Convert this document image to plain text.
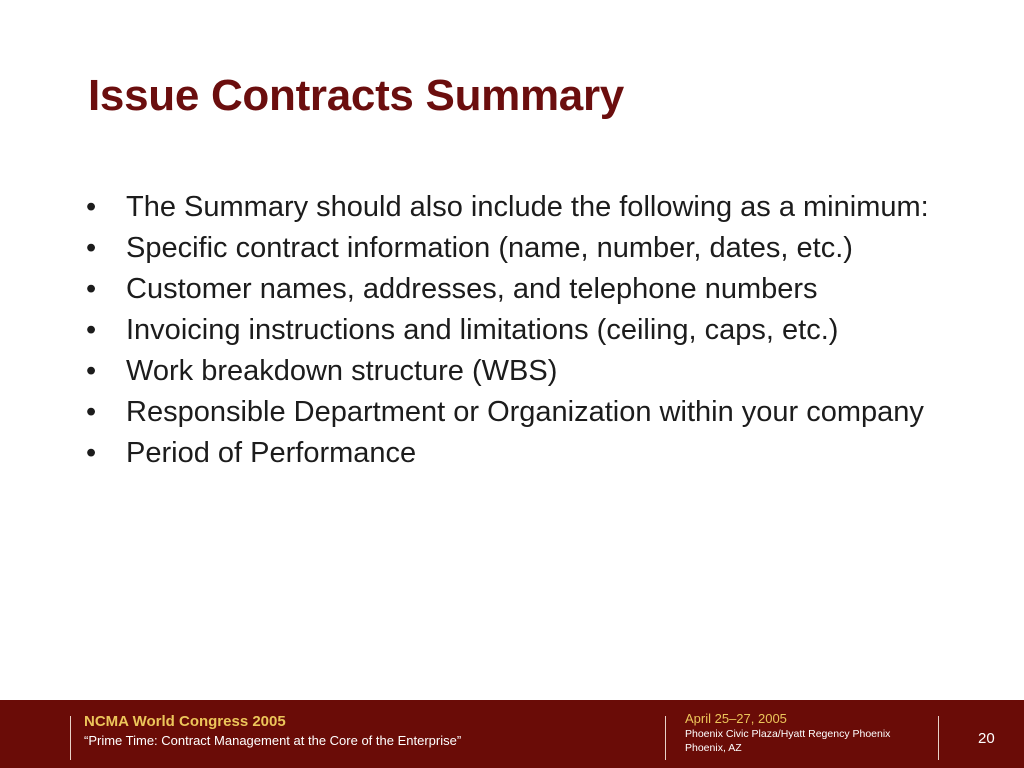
Issue Contracts Summary
•	The Summary should also include the following as a minimum:
•	Specific contract information (name, number, dates, etc.)
•	Customer names, addresses, and telephone numbers
•	Invoicing instructions and limitations (ceiling, caps, etc.)
•	Work breakdown structure (WBS)
•	Responsible Department or Organization within your company
•	Period of Performance
NCMA World Congress 2005
“Prime Time: Contract Management at the Core of the Enterprise”
April 25–27, 2005
Phoenix Civic Plaza/Hyatt Regency Phoenix
Phoenix, AZ
20
